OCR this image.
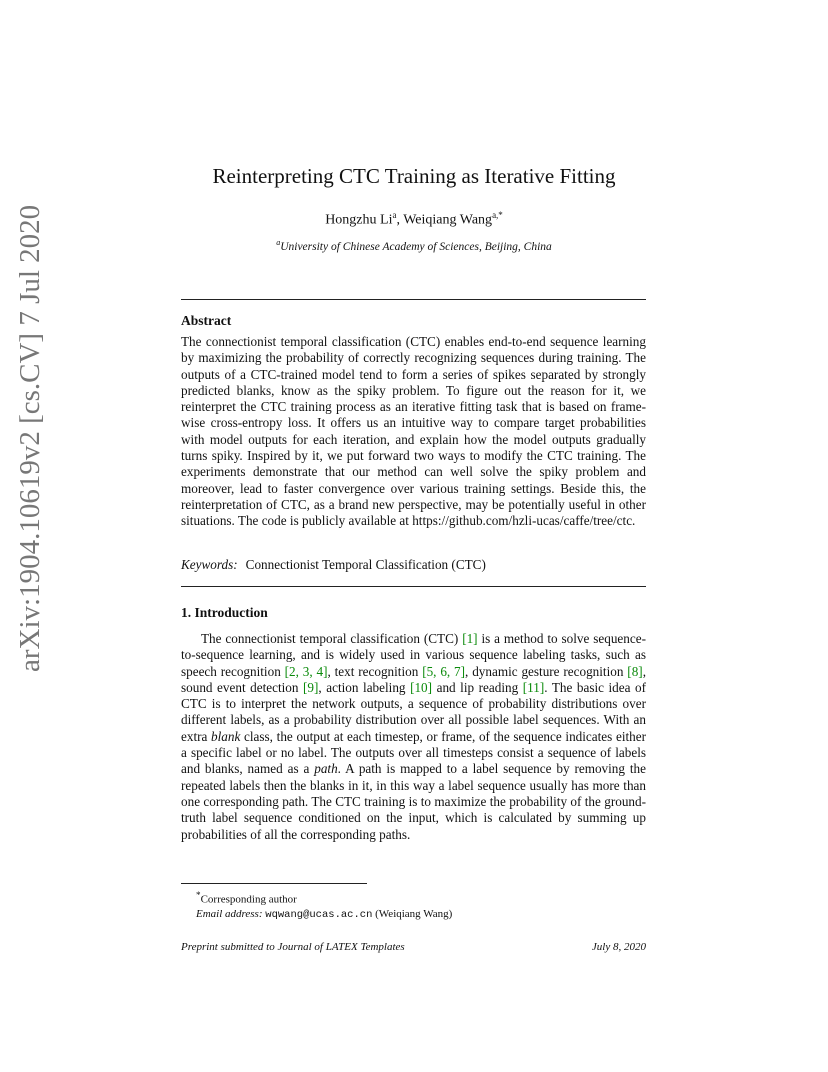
arXiv:1904.10619v2 [cs.CV] 7 Jul 2020
Reinterpreting CTC Training as Iterative Fitting
Hongzhu Li$^a$, Weiqiang Wang$^{a,*}$
$^a$University of Chinese Academy of Sciences, Beijing, China
Abstract
The connectionist temporal classification (CTC) enables end-to-end sequence learning by maximizing the probability of correctly recognizing sequences during training. The outputs of a CTC-trained model tend to form a series of spikes separated by strongly predicted blanks, know as the spiky problem. To figure out the reason for it, we reinterpret the CTC training process as an iterative fitting task that is based on frame-wise cross-entropy loss. It offers us an intuitive way to compare target probabilities with model outputs for each iteration, and explain how the model outputs gradually turns spiky. Inspired by it, we put forward two ways to modify the CTC training. The experiments demonstrate that our method can well solve the spiky problem and moreover, lead to faster convergence over various training settings. Beside this, the reinterpretation of CTC, as a brand new perspective, may be potentially useful in other situations. The code is publicly available at https://github.com/hzli-ucas/caffe/tree/ctc.
Keywords: Connectionist Temporal Classification (CTC)
1. Introduction
The connectionist temporal classification (CTC) [1] is a method to solve sequence-to-sequence learning, and is widely used in various sequence labeling tasks, such as speech recognition [2, 3, 4], text recognition [5, 6, 7], dynamic gesture recognition [8], sound event detection [9], action labeling [10] and lip reading [11]. The basic idea of CTC is to interpret the network outputs, a sequence of probability distributions over different labels, as a probability distribution over all possible label sequences. With an extra blank class, the output at each timestep, or frame, of the sequence indicates either a specific label or no label. The outputs over all timesteps consist a sequence of labels and blanks, named as a path. A path is mapped to a label sequence by removing the repeated labels then the blanks in it, in this way a label sequence usually has more than one corresponding path. The CTC training is to maximize the probability of the ground-truth label sequence conditioned on the input, which is calculated by summing up probabilities of all the corresponding paths.
*Corresponding author
Email address: wqwang@ucas.ac.cn (Weiqiang Wang)
Preprint submitted to Journal of LATEX Templates	July 8, 2020
